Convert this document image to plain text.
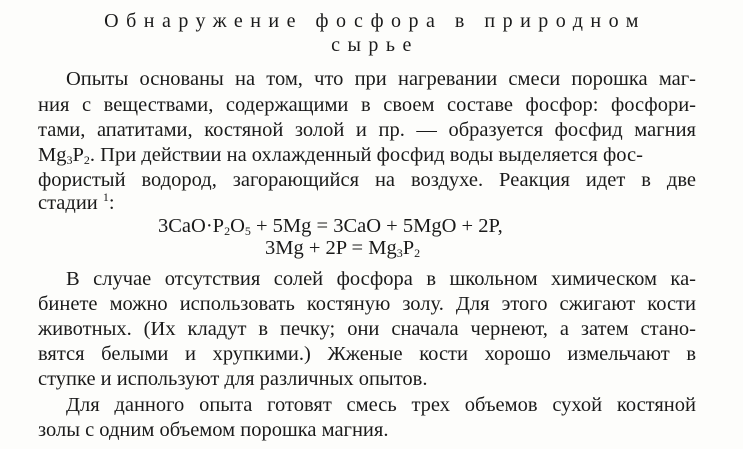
Обнаружение фосфора в природном
сырье
Опыты основаны на том, что при нагревании смеси порошка маг-
ния с веществами, содержащими в своем составе фосфор: фосфори-
тами, апатитами, костяной золой и пр. — образуется фосфид магния
$Mg_3P_2$. При действии на охлажденный фосфид воды выделяется фос-
фористый водород, загорающийся на воздухе. Реакция идет в две
стадии $^1$:
$3CaO\cdot P_2O_5 + 5Mg = 3CaO + 5MgO + 2P$,
$3Mg + 2P = Mg_3P_2$
В случае отсутствия солей фосфора в школьном химическом ка-
бинете можно использовать костяную золу. Для этого сжигают кости
животных. (Их кладут в печку; они сначала чернеют, а затем стано-
вятся белыми и хрупкими.) Жженые кости хорошо измельчают в
ступке и используют для различных опытов.
Для данного опыта готовят смесь трех объемов сухой костяной
золы с одним объемом порошка магния.
